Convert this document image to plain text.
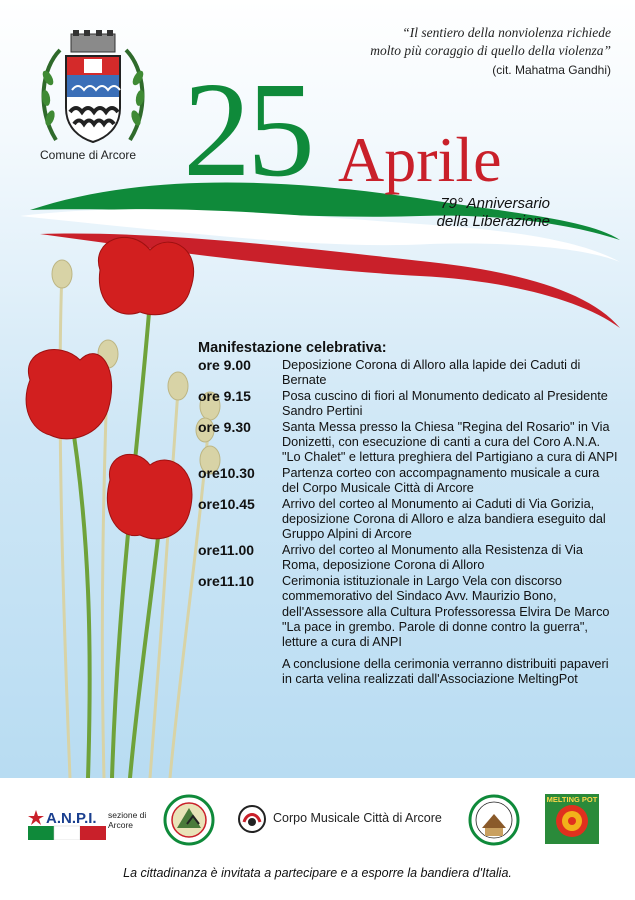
Comune di Arcore
“Il sentiero della nonviolenza richiede
molto più coraggio di quello della violenza”
(cit. Mahatma Gandhi)
25 Aprile
79° Anniversario
della Liberazione
Manifestazione celebrativa:
ore 9.00	Deposizione Corona di Alloro alla lapide dei Caduti di Bernate
ore 9.15	Posa cuscino di fiori al Monumento dedicato al Presidente Sandro Pertini
ore 9.30	Santa Messa presso la Chiesa "Regina del Rosario" in Via Donizetti, con esecuzione di canti a cura del Coro A.N.A. "Lo Chalet" e lettura preghiera del Partigiano a cura di ANPI
ore10.30	Partenza corteo con accompagnamento musicale a cura del Corpo Musicale Città di Arcore
ore10.45	Arrivo del corteo al Monumento ai Caduti di Via Gorizia, deposizione Corona di Alloro e alza bandiera eseguito dal Gruppo Alpini di Arcore
ore11.00	Arrivo del corteo al Monumento alla Resistenza di Via Roma, deposizione Corona di Alloro
ore11.10	Cerimonia istituzionale in Largo Vela con discorso commemorativo del Sindaco Avv. Maurizio Bono, dell'Assessore alla Cultura Professoressa Elvira De Marco
"La pace in grembo. Parole di donne contro la guerra", letture a cura di ANPI
A conclusione della cerimonia verranno distribuiti papaveri in carta velina realizzati dall'Associazione MeltingPot
A.N.P.I. sezione di Arcore	Corpo Musicale Città di Arcore
MELTING POT
La cittadinanza è invitata a partecipare e a esporre la bandiera d'Italia.
